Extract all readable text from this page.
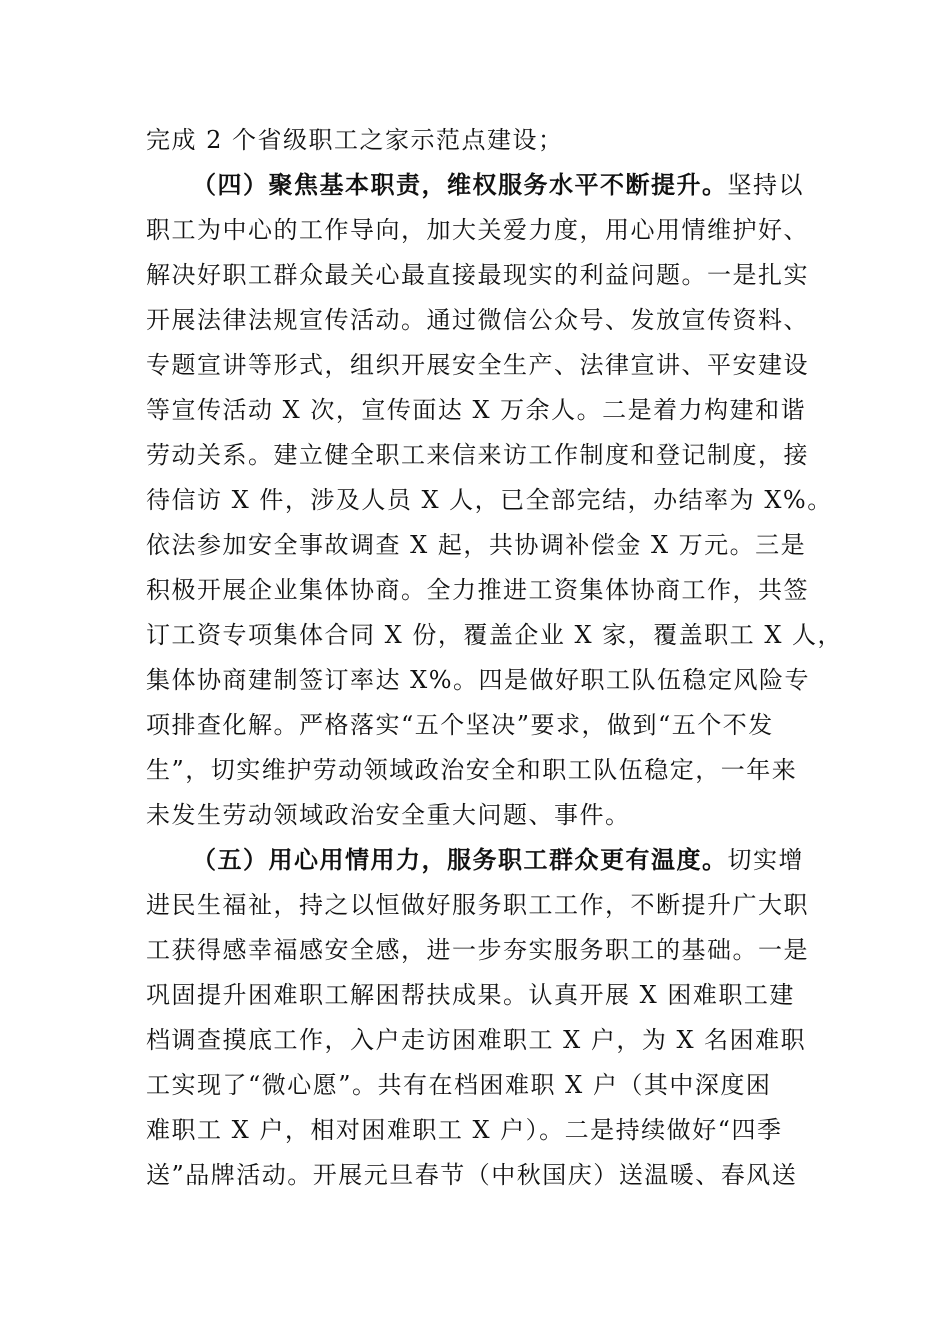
完成 2 个省级职工之家示范点建设；
（四）聚焦基本职责，维权服务水平不断提升。坚持以
职工为中心的工作导向，加大关爱力度，用心用情维护好、
解决好职工群众最关心最直接最现实的利益问题。一是扎实
开展法律法规宣传活动。通过微信公众号、发放宣传资料、
专题宣讲等形式，组织开展安全生产、法律宣讲、平安建设
等宣传活动 X 次，宣传面达 X 万余人。二是着力构建和谐
劳动关系。建立健全职工来信来访工作制度和登记制度，接
待信访 X 件，涉及人员 X 人，已全部完结，办结率为 X%。
依法参加安全事故调查 X 起，共协调补偿金 X 万元。三是
积极开展企业集体协商。全力推进工资集体协商工作，共签
订工资专项集体合同 X 份，覆盖企业 X 家，覆盖职工 X 人，
集体协商建制签订率达 X%。四是做好职工队伍稳定风险专
项排查化解。严格落实“五个坚决”要求，做到“五个不发
生”，切实维护劳动领域政治安全和职工队伍稳定，一年来
未发生劳动领域政治安全重大问题、事件。
（五）用心用情用力，服务职工群众更有温度。切实增
进民生福祉，持之以恒做好服务职工工作，不断提升广大职
工获得感幸福感安全感，进一步夯实服务职工的基础。一是
巩固提升困难职工解困帮扶成果。认真开展 X 困难职工建
档调查摸底工作，入户走访困难职工 X 户，为 X 名困难职
工实现了“微心愿”。共有在档困难职 X 户（其中深度困
难职工 X 户，相对困难职工 X 户）。二是持续做好“四季
送”品牌活动。开展元旦春节（中秋国庆）送温暖、春风送
